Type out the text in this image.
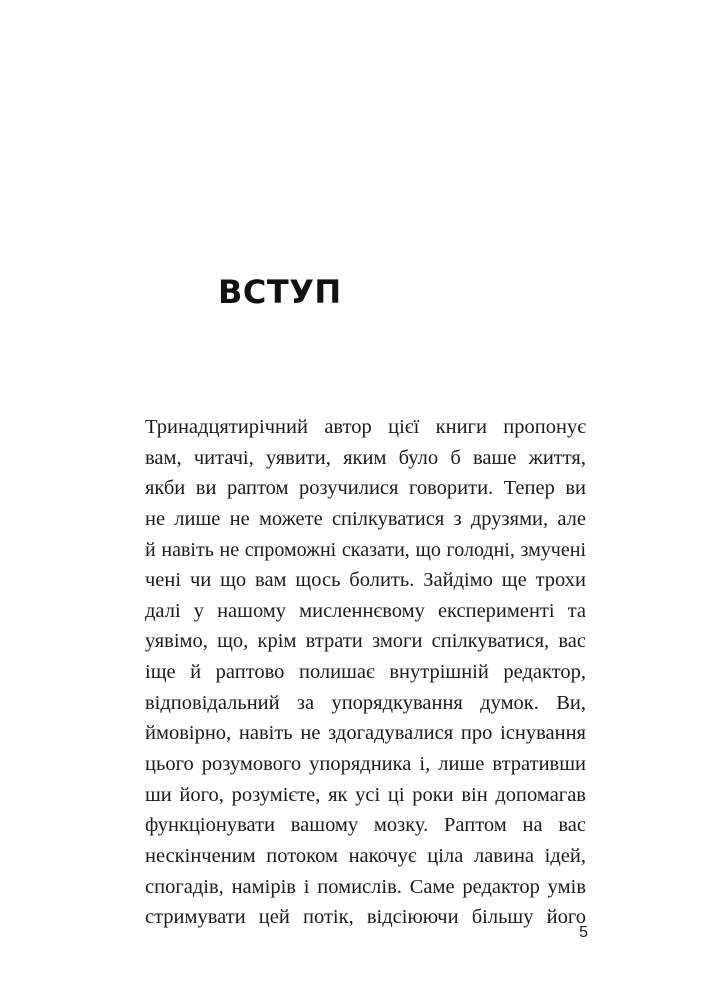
ВСТУП
Тринадцятирічний автор цієї книги пропонує
вам, читачі, уявити, яким було б ваше життя,
якби ви раптом розучилися говорити. Тепер ви
не лише не можете спілкуватися з друзями, але
й навіть не спроможні сказати, що голодні, змучені
чені чи що вам щось болить. Зайдімо ще трохи
далі у нашому мисленнєвому експерименті та
уявімо, що, крім втрати змоги спілкуватися, вас
іще й раптово полишає внутрішній редактор,
відповідальний за упорядкування думок. Ви,
ймовірно, навіть не здогадувалися про існування
цього розумового упорядника і, лише втративши
ши його, розумієте, як усі ці роки він допомагав
функціонувати вашому мозку. Раптом на вас
нескінченим потоком накочує ціла лавина ідей,
спогадів, намірів і помислів. Саме редактор умів
стримувати цей потік, відсіюючи більшу його
5
